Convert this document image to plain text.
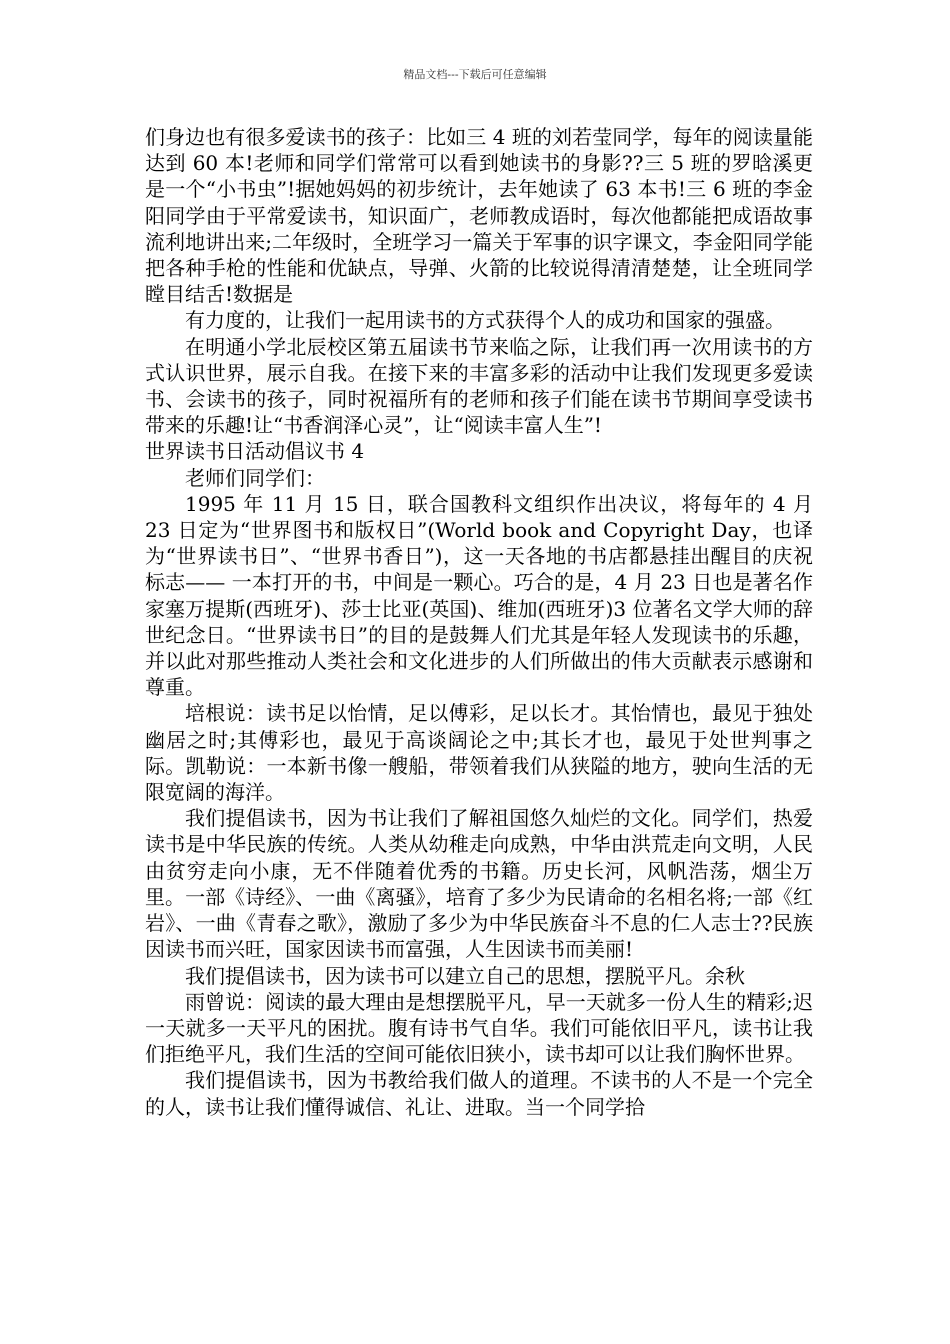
精品文档---下载后可任意编辑

们身边也有很多爱读书的孩子：比如三 4 班的刘若莹同学，每年的阅读量能达到 60 本!老师和同学们常常可以看到她读书的身影??三 5 班的罗晗溪更是一个“小书虫”!据她妈妈的初步统计，去年她读了 63 本书!三 6 班的李金阳同学由于平常爱读书，知识面广，老师教成语时，每次他都能把成语故事流利地讲出来;二年级时，全班学习一篇关于军事的识字课文，李金阳同学能把各种手枪的性能和优缺点，导弹、火箭的比较说得清清楚楚，让全班同学瞠目结舌!数据是

有力度的，让我们一起用读书的方式获得个人的成功和国家的强盛。

在明通小学北辰校区第五届读书节来临之际，让我们再一次用读书的方式认识世界，展示自我。在接下来的丰富多彩的活动中让我们发现更多爱读书、会读书的孩子，同时祝福所有的老师和孩子们能在读书节期间享受读书带来的乐趣!让“书香润泽心灵”，让“阅读丰富人生”!

世界读书日活动倡议书 4

老师们同学们：

1995 年 11 月 15 日，联合国教科文组织作出决议，将每年的 4 月 23 日定为“世界图书和版权日”(World book and Copyright Day，也译为“世界读书日”、“世界书香日”)，这一天各地的书店都悬挂出醒目的庆祝标志—— 一本打开的书，中间是一颗心。巧合的是，4 月 23 日也是著名作家塞万提斯(西班牙)、莎士比亚(英国)、维加(西班牙)3 位著名文学大师的辞世纪念日。“世界读书日”的目的是鼓舞人们尤其是年轻人发现读书的乐趣，并以此对那些推动人类社会和文化进步的人们所做出的伟大贡献表示感谢和尊重。

培根说：读书足以怡情，足以傅彩，足以长才。其怡情也，最见于独处幽居之时;其傅彩也，最见于高谈阔论之中;其长才也，最见于处世判事之际。凯勒说：一本新书像一艘船，带领着我们从狭隘的地方，驶向生活的无限宽阔的海洋。

我们提倡读书，因为书让我们了解祖国悠久灿烂的文化。同学们，热爱读书是中华民族的传统。人类从幼稚走向成熟，中华由洪荒走向文明，人民由贫穷走向小康，无不伴随着优秀的书籍。历史长河，风帆浩荡，烟尘万里。一部《诗经》、一曲《离骚》，培育了多少为民请命的名相名将;一部《红岩》、一曲《青春之歌》，激励了多少为中华民族奋斗不息的仁人志士??民族因读书而兴旺，国家因读书而富强，人生因读书而美丽!

我们提倡读书，因为读书可以建立自己的思想，摆脱平凡。余秋

雨曾说：阅读的最大理由是想摆脱平凡，早一天就多一份人生的精彩;迟一天就多一天平凡的困扰。腹有诗书气自华。我们可能依旧平凡，读书让我们拒绝平凡，我们生活的空间可能依旧狭小，读书却可以让我们胸怀世界。

我们提倡读书，因为书教给我们做人的道理。不读书的人不是一个完全的人，读书让我们懂得诚信、礼让、进取。当一个同学拾
